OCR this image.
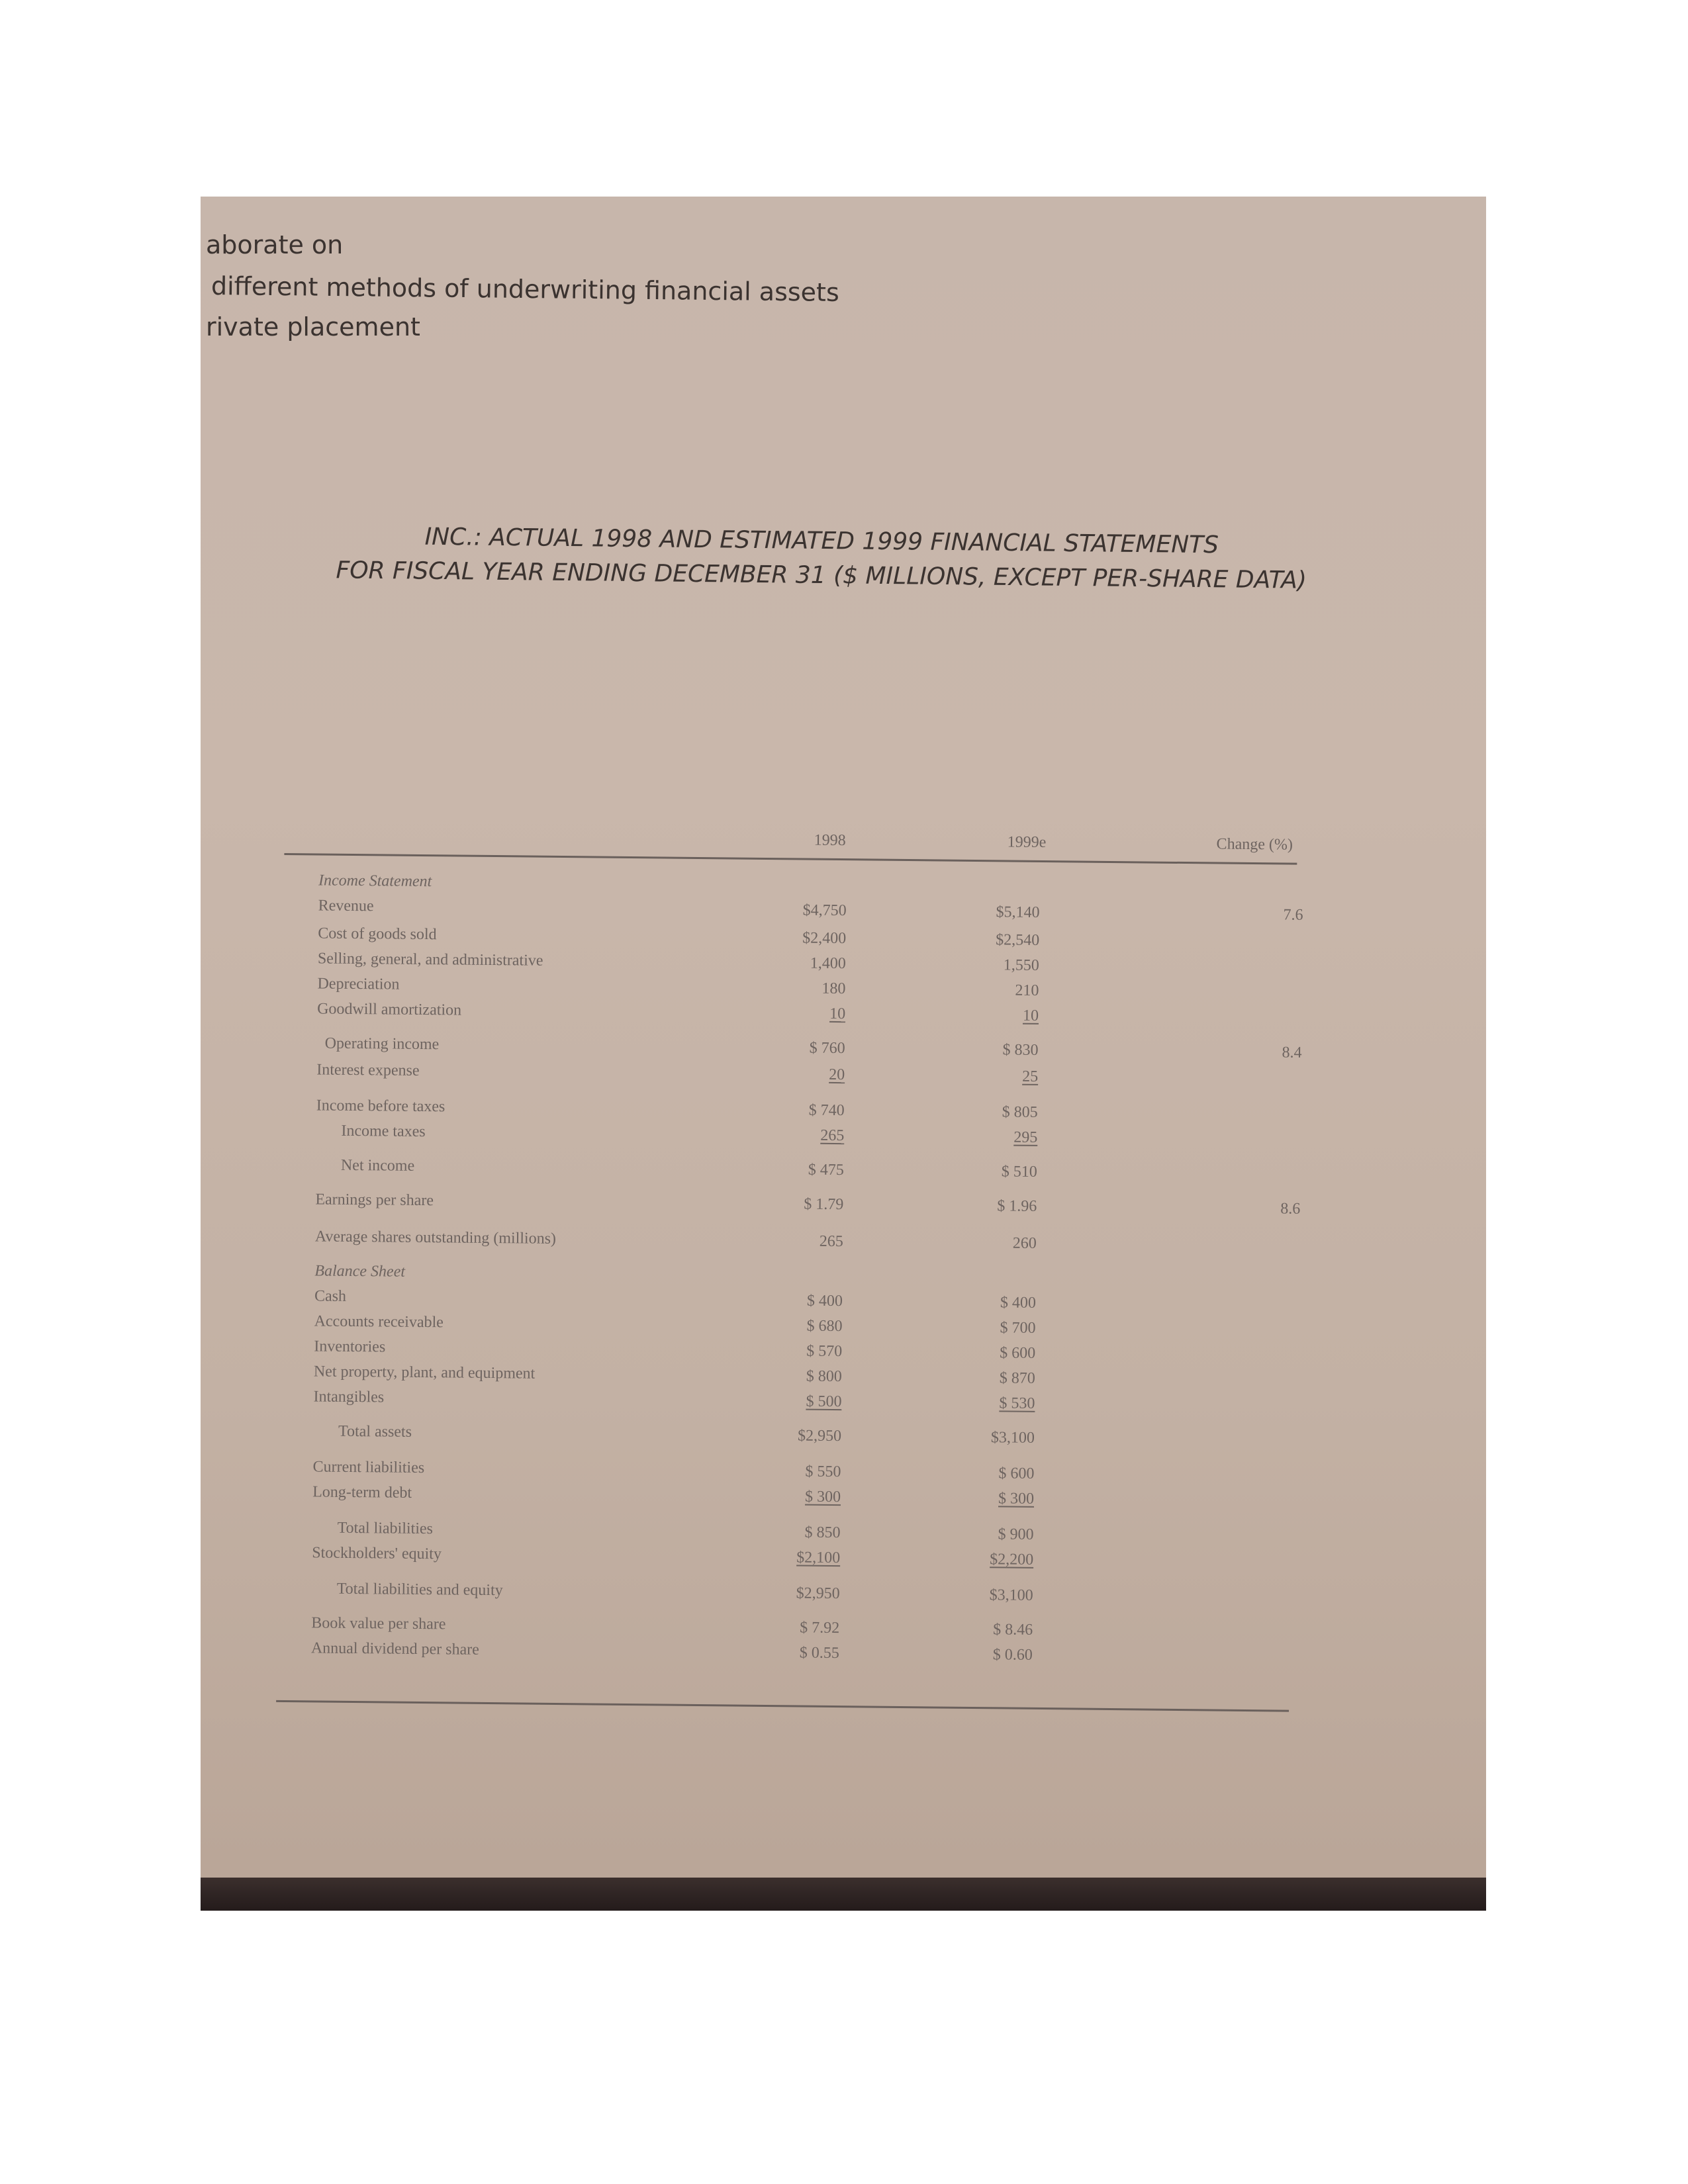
aborate on
different methods of underwriting financial assets
rivate placement
INC.: ACTUAL 1998 AND ESTIMATED 1999 FINANCIAL STATEMENTS
FOR FISCAL YEAR ENDING DECEMBER 31 ($ MILLIONS, EXCEPT PER-SHARE DATA)
1998	1999e	Change (%)
Income Statement
Revenue	$4,750	$5,140	7.6
Cost of goods sold	$2,400	$2,540
Selling, general, and administrative	1,400	1,550
Depreciation	180	210
Goodwill amortization	10	10
Operating income	$ 760	$ 830	8.4
Interest expense	20	25
Income before taxes	$ 740	$ 805
Income taxes	265	295
Net income	$ 475	$ 510
Earnings per share	$ 1.79	$ 1.96	8.6
Average shares outstanding (millions)	265	260
Balance Sheet
Cash	$ 400	$ 400
Accounts receivable	$ 680	$ 700
Inventories	$ 570	$ 600
Net property, plant, and equipment	$ 800	$ 870
Intangibles	$ 500	$ 530
Total assets	$2,950	$3,100
Current liabilities	$ 550	$ 600
Long-term debt	$ 300	$ 300
Total liabilities	$ 850	$ 900
Stockholders' equity	$2,100	$2,200
Total liabilities and equity	$2,950	$3,100
Book value per share	$ 7.92	$ 8.46
Annual dividend per share	$ 0.55	$ 0.60
